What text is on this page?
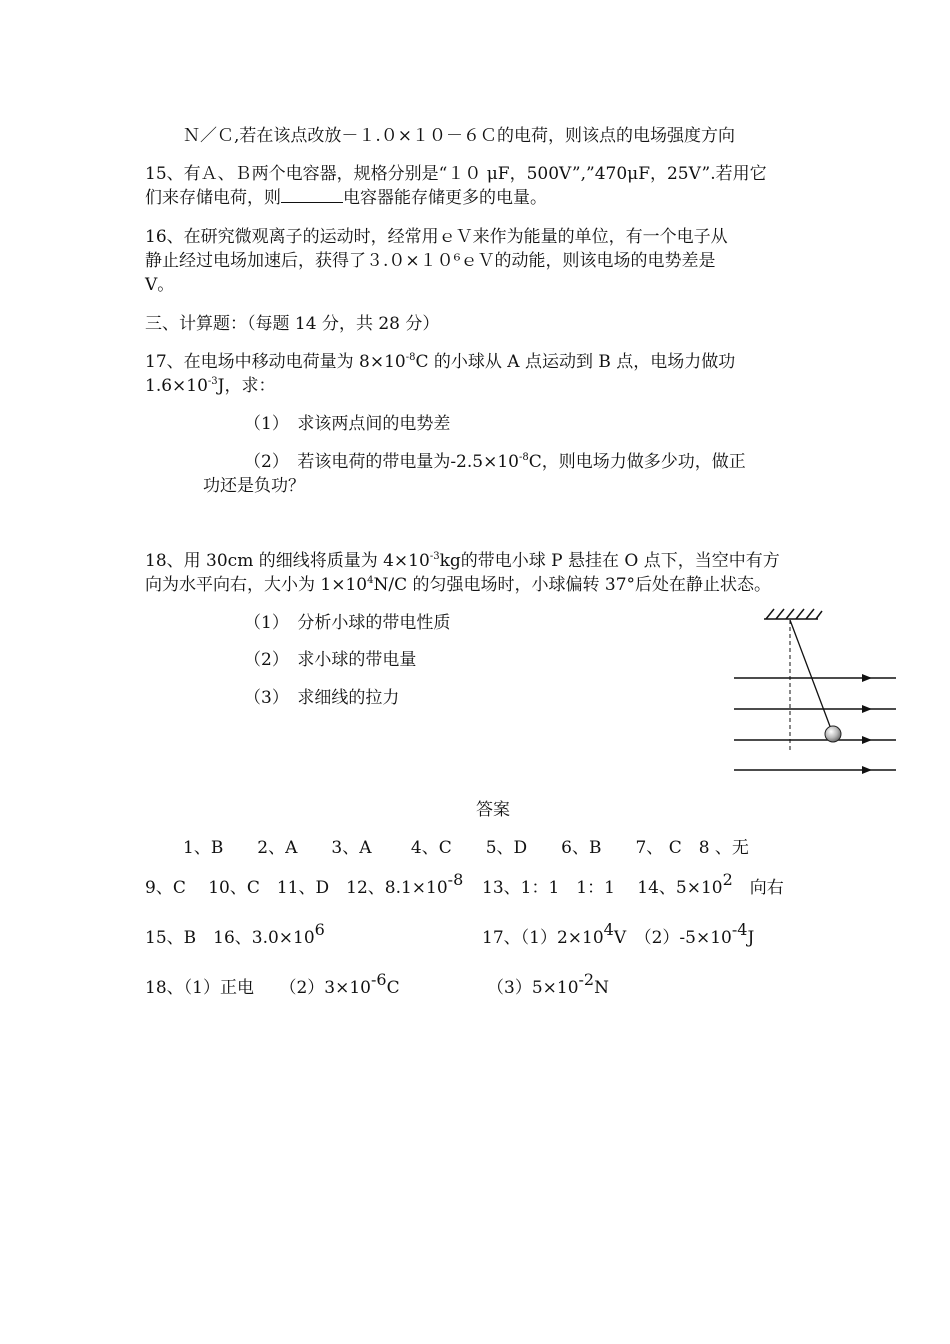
Ｎ／Ｃ,若在该点改放－１.０×１０－６Ｃ的电荷，则该点的电场强度方向
15、有Ａ、Ｂ两个电容器，规格分别是“１０ μF，500V”,”470μF，25V”.若用它
们来存储电荷，则	电容器能存储更多的电量。
16、在研究微观离子的运动时，经常用ｅＶ来作为能量的单位，有一个电子从
静止经过电场加速后，获得了３.０×１０⁶ｅＶ的动能，则该电场的电势差是
V。
三、计算题：（每题 14 分，共 28 分）
17、在电场中移动电荷量为 $8\times 10^{-8}C$ 的小球从 A 点运动到 B 点，电场力做功
$1.6\times 10^{-3}J$，求：
（1）　求该两点间的电势差
（2）　若该电荷的带电量为$-2.5\times 10^{-8}C$，则电场力做多少功，做正
功还是负功？
18、用 30cm 的细线将质量为 $4\times 10^{-3}kg$的带电小球 P 悬挂在 O 点下，当空中有方
向为水平向右，大小为 $1\times 10^4N/C$ 的匀强电场时，小球偏转 37°后处在静止状态。
（1）　分析小球的带电性质
（2）　求小球的带电量
（3）　求细线的拉力
答案
1、B　　2、A　　3、A　　 4、C　　5、D　　6、B　　7、 C　8 、无
9、C　 10、C　11、D　12、$8.1\times 10^{-8}$ 13、1：1　1：1　 14、$5\times 10^2$　向右
15、B　16、$3.0\times 10^6$	17、$(1)2\times 10^4V$　$(2)-5\times 10^{-4}J$
18、（1）正电　　$(2)3\times 10^{-6}C$	$(3)5\times 10^{-2}N$
